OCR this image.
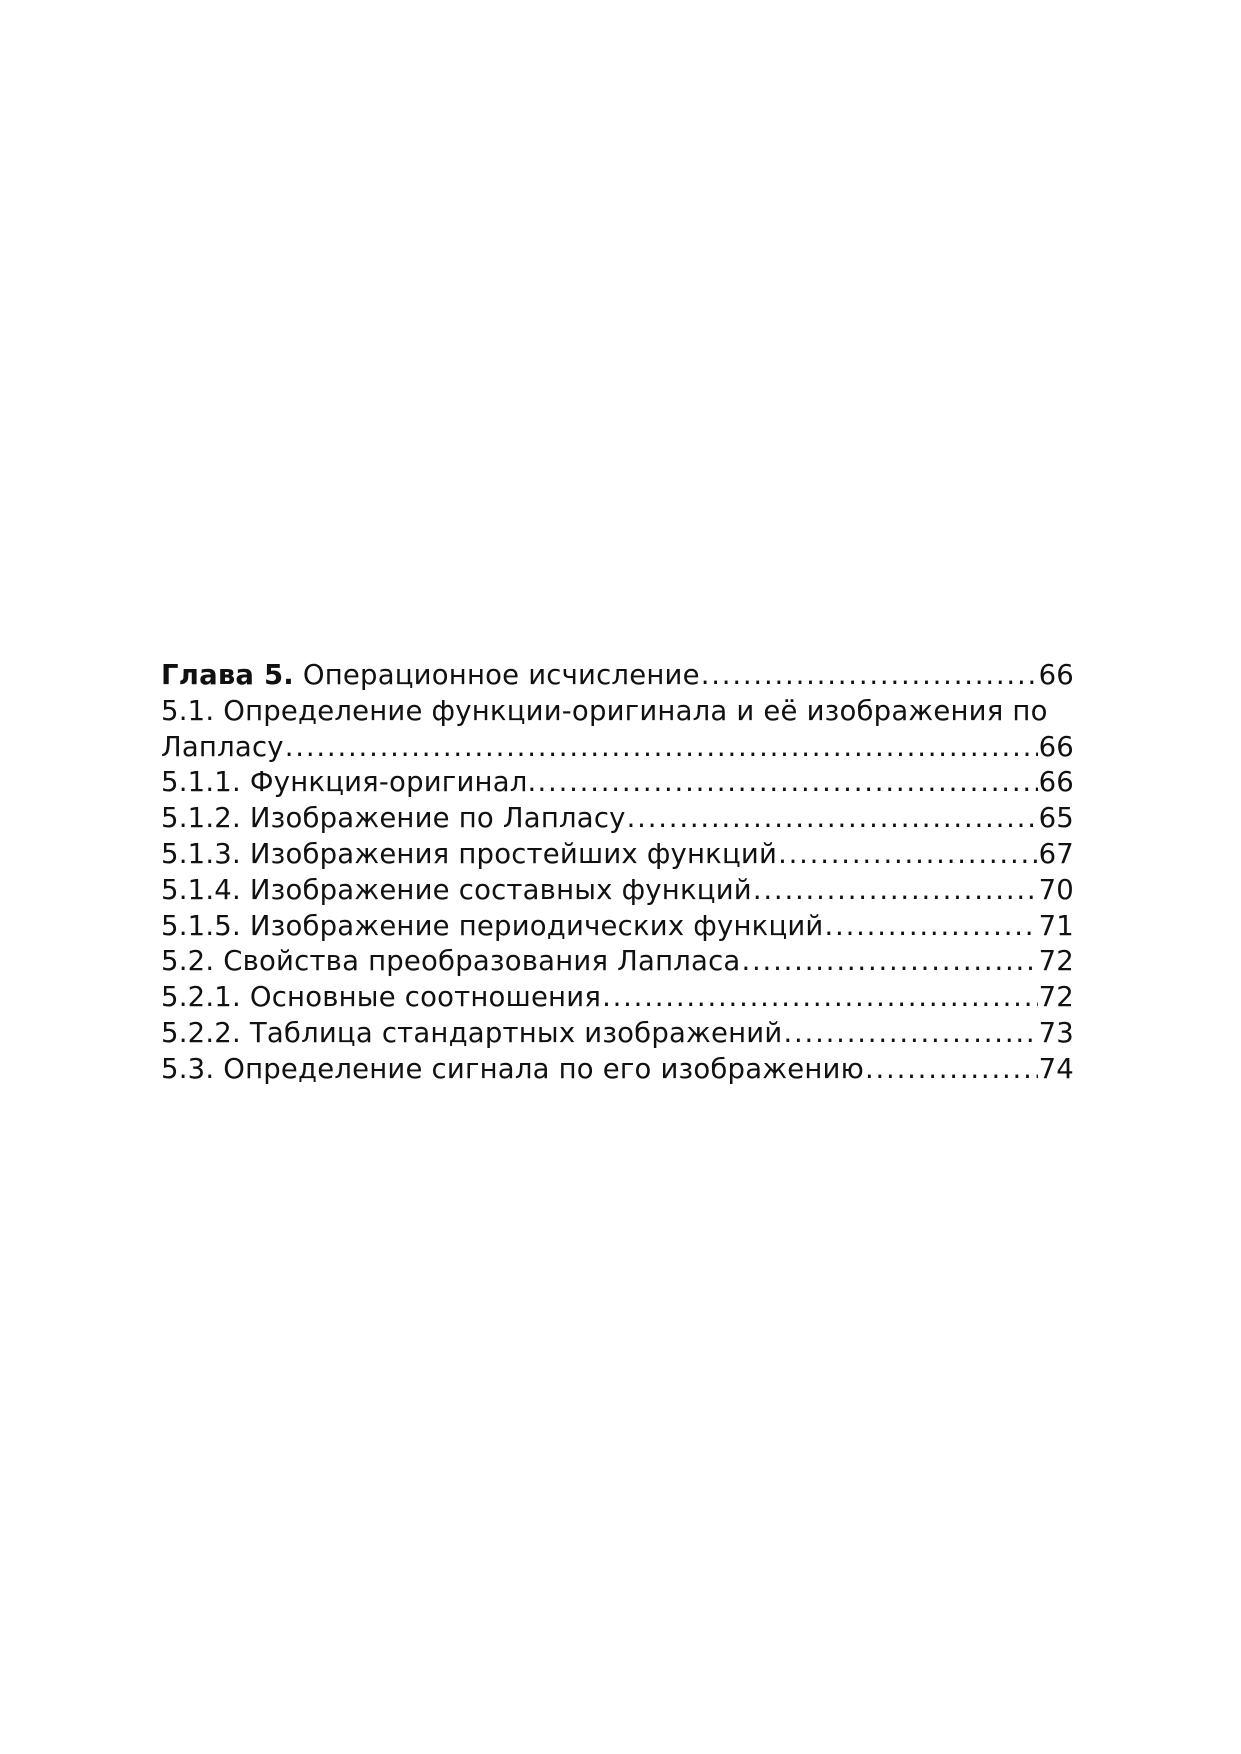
Глава 5. Операционное исчисление .....	66
5.1. Определение функции-оригинала и её изображения по
Лапласу .....	66
5.1.1. Функция-оригинал. .....	66
5.1.2. Изображение по Лапласу .....	65
5.1.3. Изображения простейших функций .....	67
5.1.4. Изображение составных функций .....	70
5.1.5. Изображение периодических функций .....	71
5.2. Свойства преобразования Лапласа .....	72
5.2.1. Основные соотношения .....	72
5.2.2. Таблица стандартных изображений .....	73
5.3. Определение сигнала по его изображению .....	74
